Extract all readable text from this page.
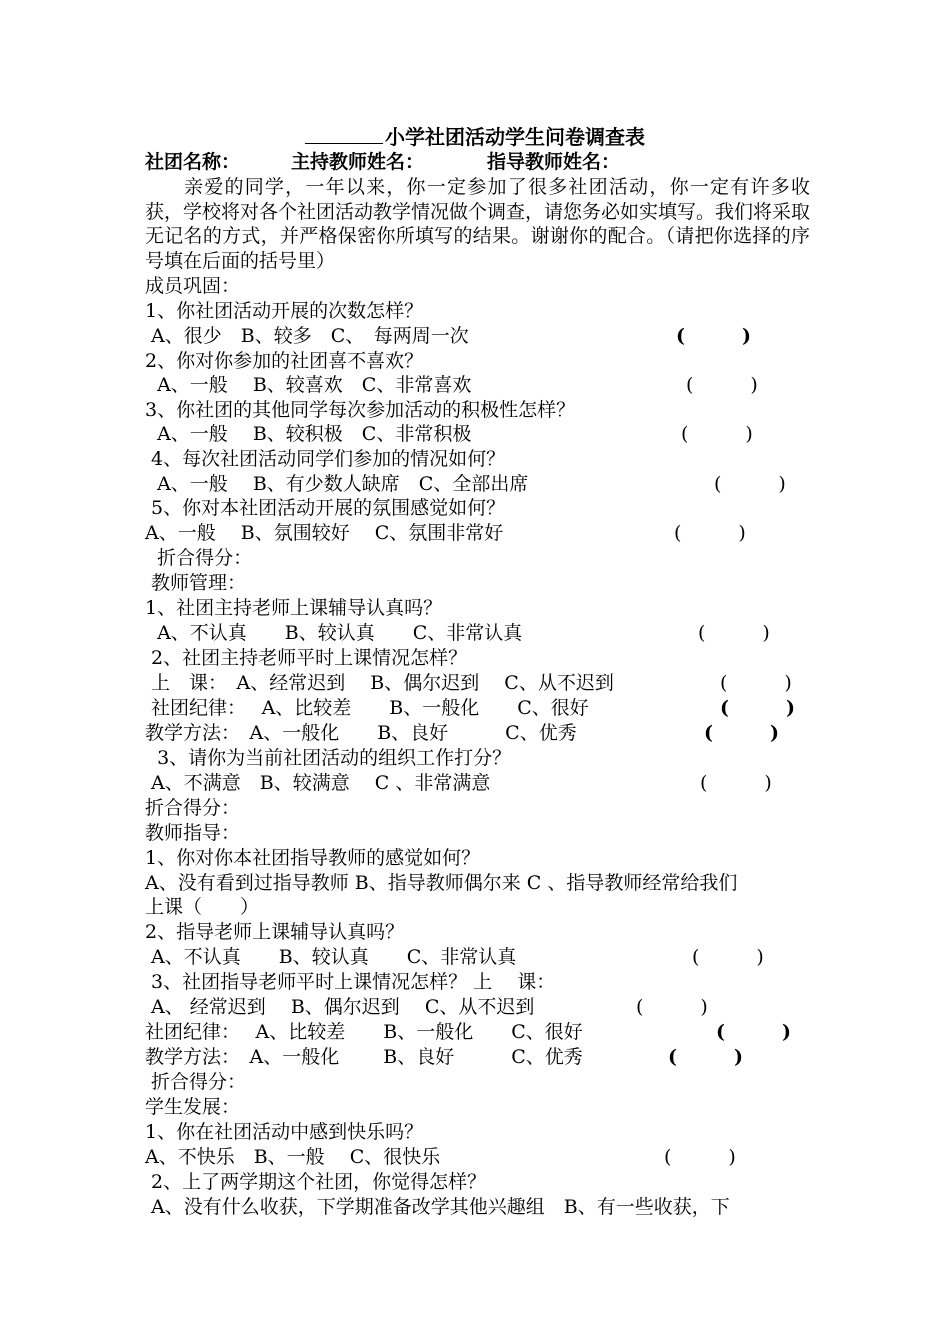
小学社团活动学生问卷调查表
社团名称：	主持教师姓名：	指导教师姓名：
亲爱的同学，一年以来，你一定参加了很多社团活动，你一定有许多收获，学校将对各个社团活动教学情况做个调查，请您务必如实填写。我们将采取无记名的方式，并严格保密你所填写的结果。谢谢你的配合。（请把你选择的序号填在后面的括号里）
成员巩固：
1、你社团活动开展的次数怎样？
A、很少　B、较多　C、　每两周一次	(　　　)
2、你对你参加的社团喜不喜欢？
A、一般　 B、较喜欢　C、非常喜欢	(　　　)
3、你社团的其他同学每次参加活动的积极性怎样？
A、一般　 B、较积极　C、非常积极	(　　　)
4、每次社团活动同学们参加的情况如何？
A、一般　 B、有少数人缺席　C、全部出席	(　　　)
5、你对本社团活动开展的氛围感觉如何？
A、一般　 B、氛围较好　 C、氛围非常好	(　　　)
折合得分：
教师管理：
1、社团主持老师上课辅导认真吗？
A、不认真　　B、较认真　　C、非常认真	(　　　)
2、社团主持老师平时上课情况怎样？
上　课：　A、经常迟到　 B、偶尔迟到　 C、从不迟到	(　　　)
社团纪律：　 A、比较差　　B、一般化　　C、很好	(　　　)
教学方法：　A、一般化　　B、良好　　　C、优秀	(　　　)
3、请你为当前社团活动的组织工作打分？
A、不满意　B、较满意　 C 、非常满意	(　　　)
折合得分：
教师指导：
1、你对你本社团指导教师的感觉如何？
A、没有看到过指导教师 B、指导教师偶尔来 C 、指导教师经常给我们
上课（　　）
2、指导老师上课辅导认真吗？
A、不认真　　B、较认真　　C、非常认真	(　　　)
3、社团指导老师平时上课情况怎样？ 上　 课：
A、 经常迟到　 B、偶尔迟到　 C、从不迟到	(　　　)
社团纪律：　 A、比较差　　B、一般化　　C、很好	(　　　)
教学方法：　A、一般化　　 B、良好　　　C、优秀	(　　　)
折合得分：
学生发展：
1、你在社团活动中感到快乐吗？
A、不快乐　B、一般　 C、很快乐	(　　　)
2、上了两学期这个社团，你觉得怎样？
A、没有什么收获，下学期准备改学其他兴趣组　B、有一些收获，下
